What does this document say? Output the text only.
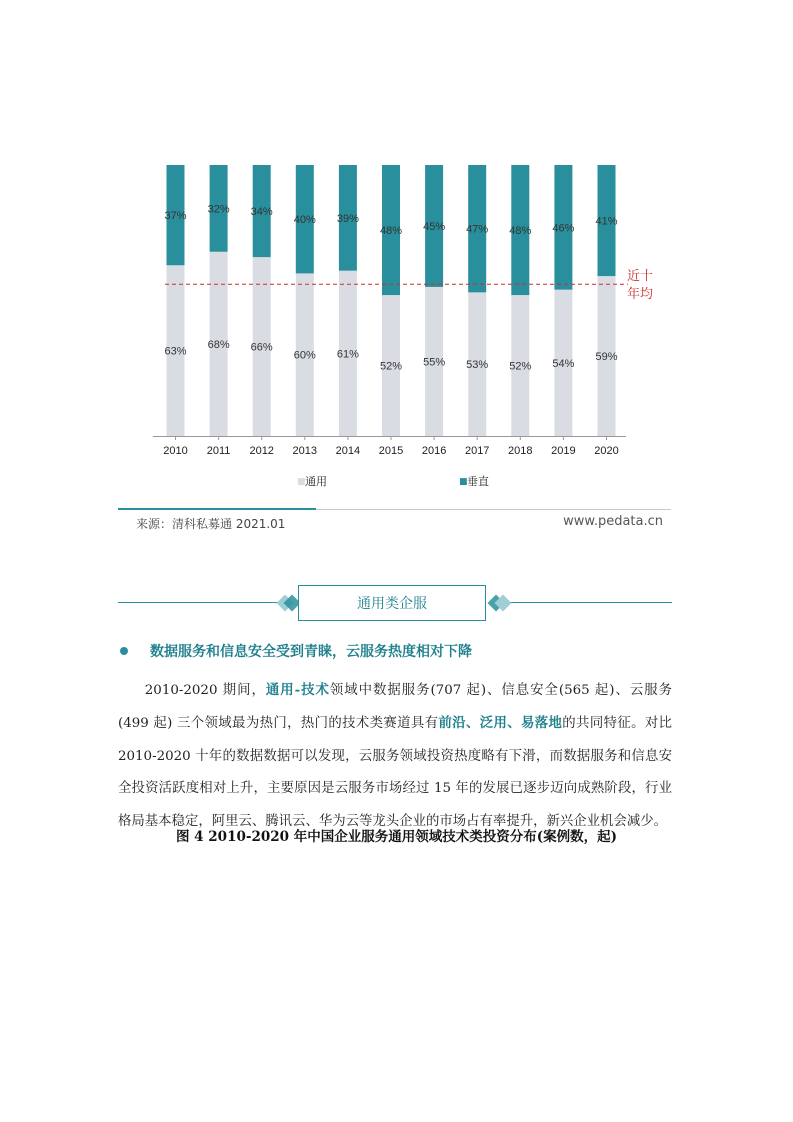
63%
37%
2010
68%
32%
2011
66%
34%
2012
60%
40%
2013
61%
39%
2014
52%
48%
2015
55%
45%
2016
53%
47%
2017
52%
48%
2018
54%
46%
2019
59%
41%
2020
近十
年均
■ 通用	■ 垂直
来源：清科私募通 2021.01	www.pedata.cn
通用类企服
数据服务和信息安全受到青睐，云服务热度相对下降
  2010-2020 期间，通用-技术领域中数据服务(707 起)、信息安全(565 起)、云服务 (499 起) 三个领域最为热门，热门的技术类赛道具有前沿、泛用、易落地的共同特征。对比 2010-2020 十年的数据数据可以发现，云服务领域投资热度略有下滑，而数据服务和信息安全投资活跃度相对上升，主要原因是云服务市场经过 15 年的发展已逐步迈向成熟阶段，行业格局基本稳定，阿里云、腾讯云、华为云等龙头企业的市场占有率提升，新兴企业机会减少。
图 4 2010-2020 年中国企业服务通用领域技术类投资分布(案例数，起)
